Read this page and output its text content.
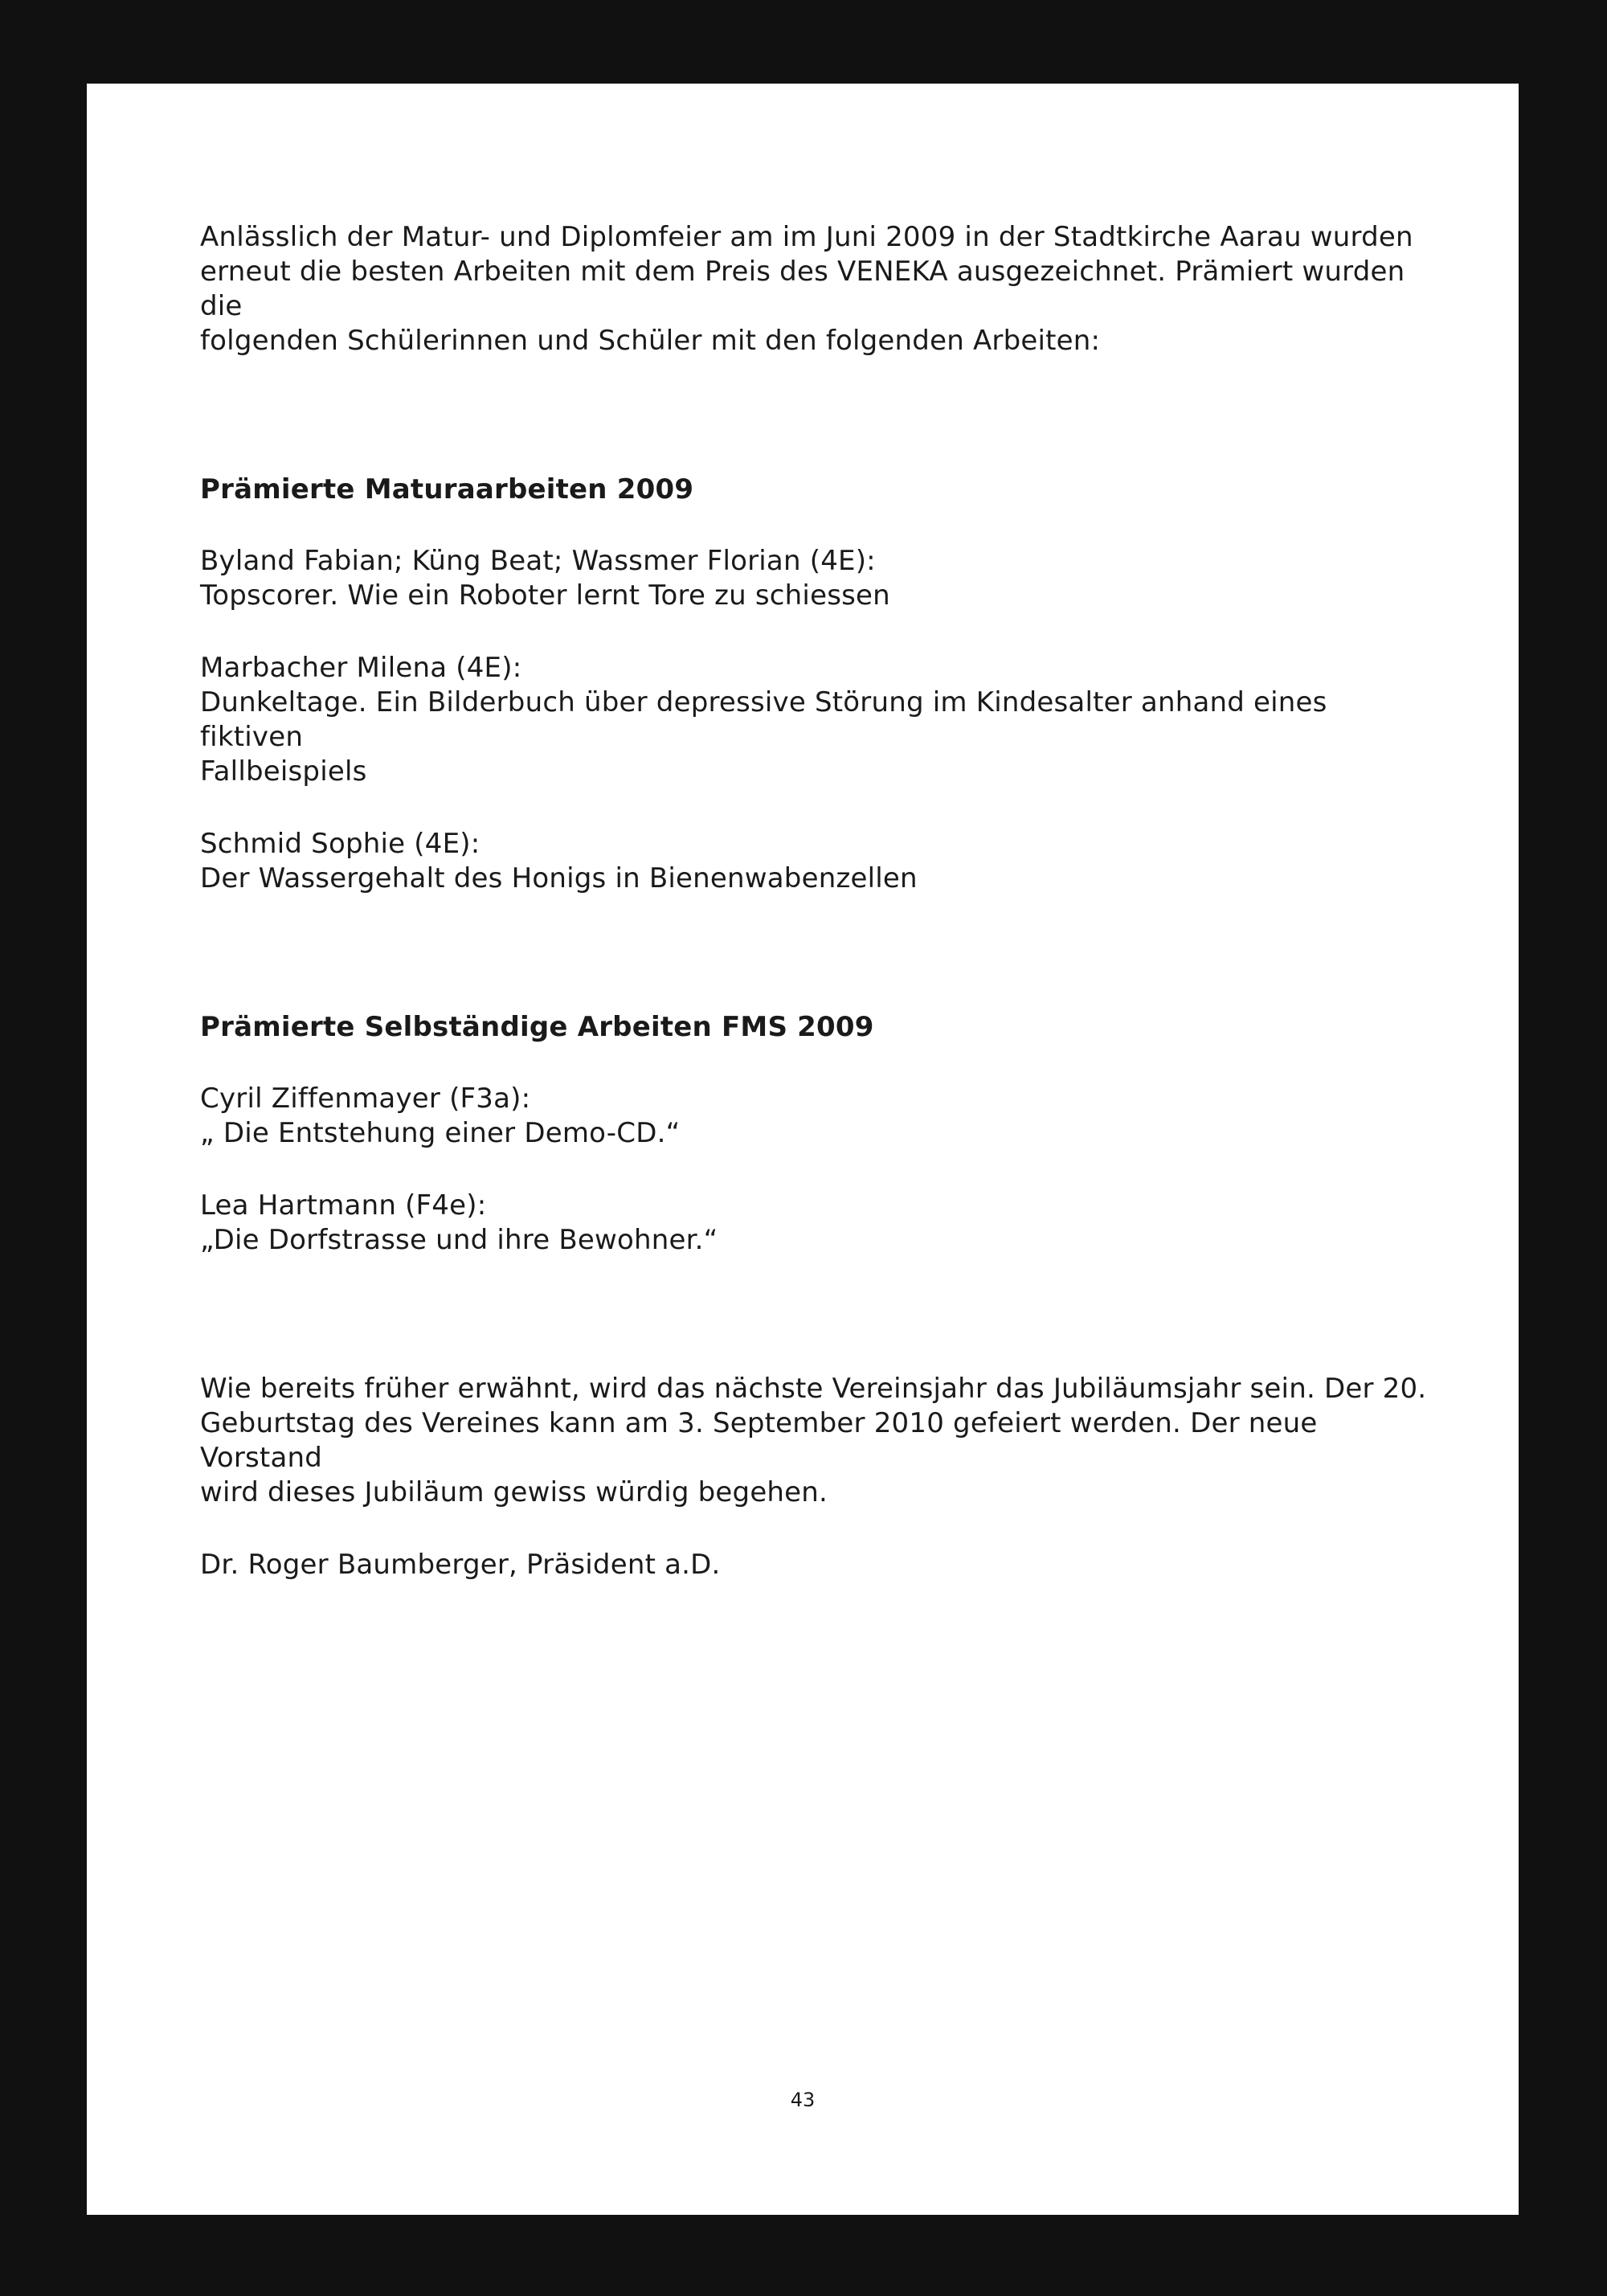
Anlässlich der Matur- und Diplomfeier am im Juni 2009 in der Stadtkirche Aarau wurden
erneut die besten Arbeiten mit dem Preis des VENEKA ausgezeichnet. Prämiert wurden die
folgenden Schülerinnen und Schüler mit den folgenden Arbeiten:

Prämierte Maturaarbeiten 2009

Byland Fabian; Küng Beat; Wassmer Florian (4E):
Topscorer. Wie ein Roboter lernt Tore zu schiessen

Marbacher Milena (4E):
Dunkeltage. Ein Bilderbuch über depressive Störung im Kindesalter anhand eines fiktiven
Fallbeispiels

Schmid Sophie (4E):
Der Wassergehalt des Honigs in Bienenwabenzellen

Prämierte Selbständige Arbeiten FMS 2009

Cyril Ziffenmayer (F3a):
„ Die Entstehung einer Demo-CD.“

Lea Hartmann (F4e):
„Die Dorfstrasse und ihre Bewohner.“

Wie bereits früher erwähnt, wird das nächste Vereinsjahr das Jubiläumsjahr sein. Der 20.
Geburtstag des Vereines kann am 3. September 2010 gefeiert werden. Der neue Vorstand
wird dieses Jubiläum gewiss würdig begehen.

Dr. Roger Baumberger, Präsident a.D.

43
